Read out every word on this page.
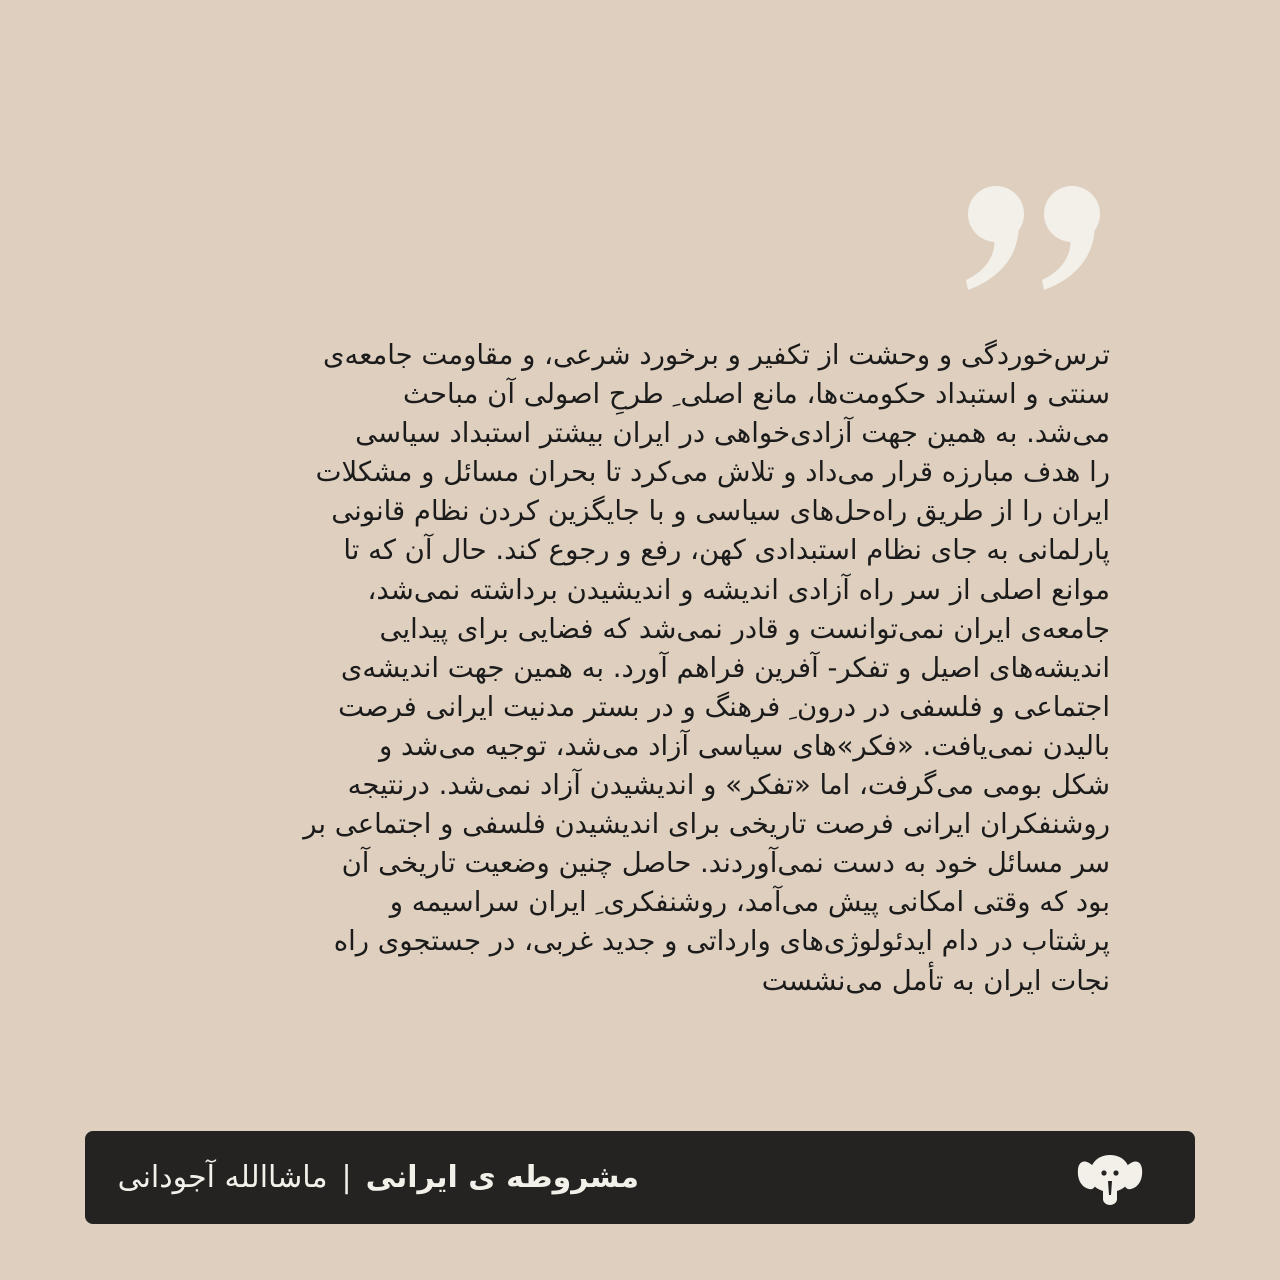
ترس‌خوردگی و وحشت از تکفیر و برخورد شرعی، و مقاومت جامعه‌ی
سنتی و استبداد حکومت‌ها، مانع اصلی ِ طرحِ اصولی آن مباحث
می‌شد. به همین جهت آزادی‌خواهی در ایران بیشتر استبداد سیاسی
را هدف مبارزه قرار می‌داد و تلاش می‌کرد تا بحران مسائل و مشکلات
ایران را از طریق راه‌حل‌های سیاسی و با جایگزین کردن نظام قانونی
پارلمانی به جای نظام استبدادی کهن، رفع و رجوع کند. حال آن که تا
موانع اصلی از سر راه آزادی اندیشه و اندیشیدن برداشته نمی‌شد،
جامعه‌ی ایران نمی‌توانست و قادر نمی‌شد که فضایی برای پیدایی
اندیشه‌های اصیل و تفکر- آفرین فراهم آورد. به همین جهت اندیشه‌ی
اجتماعی و فلسفی در درون ِ فرهنگ و در بستر مدنیت ایرانی فرصت
بالیدن نمی‌یافت. «فکر»های سیاسی آزاد می‌شد، توجیه می‌شد و
شکل بومی می‌گرفت، اما «تفکر» و اندیشیدن آزاد نمی‌شد. درنتیجه
روشنفکران ایرانی فرصت تاریخی برای اندیشیدن فلسفی و اجتماعی بر
سر مسائل خود به دست نمی‌آوردند. حاصل چنین وضعیت تاریخی آن
بود که وقتی امکانی پیش می‌آمد، روشنفکری ِ ایران سراسیمه و
پرشتاب در دام ایدئولوژی‌های وارداتی و جدید غربی، در جستجوی راه
نجات ایران به تأمل می‌نشست
مشروطه ی ایرانی
|
ماشاالله آجودانی
